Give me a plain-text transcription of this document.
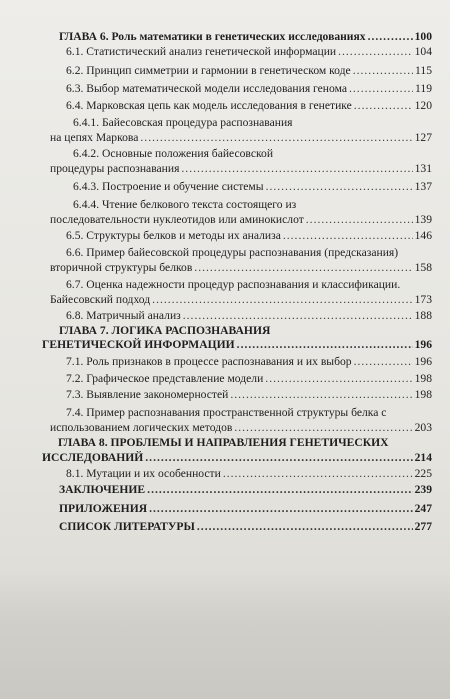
ГЛАВА 6. Роль математики в генетических исследованиях .....	100
6.1. Статистический анализ генетической информации .....	104
6.2. Принцип симметрии и гармонии в генетическом коде .....	115
6.3. Выбор математической модели исследования генома .....	119
6.4. Марковская цепь как модель исследования в генетике .....	120
6.4.1. Байесовская процедура распознавания
на цепях Маркова .....	127
6.4.2. Основные положения байесовской
процедуры распознавания .....	131
6.4.3. Построение и обучение системы .....	137
6.4.4. Чтение белкового текста состоящего из
последовательности нуклеотидов или аминокислот .....	139
6.5. Структуры белков и методы их анализа .....	146
6.6. Пример байесовской процедуры распознавания (предсказания)
вторичной структуры белков .....	158
6.7. Оценка надежности процедур распознавания и классификации.
Байесовский подход .....	173
6.8. Матричный анализ .....	188
ГЛАВА 7. ЛОГИКА РАСПОЗНАВАНИЯ
ГЕНЕТИЧЕСКОЙ ИНФОРМАЦИИ .....	196
7.1. Роль признаков в процессе распознавания и их выбор .....	196
7.2. Графическое представление модели .....	198
7.3. Выявление закономерностей .....	198
7.4. Пример распознавания пространственной структуры белка с
использованием логических методов .....	203
ГЛАВА 8. ПРОБЛЕМЫ И НАПРАВЛЕНИЯ ГЕНЕТИЧЕСКИХ
ИССЛЕДОВАНИЙ .....	214
8.1. Мутации и их особенности .....	225
ЗАКЛЮЧЕНИЕ .....	239
ПРИЛОЖЕНИЯ .....	247
СПИСОК ЛИТЕРАТУРЫ .....	277
